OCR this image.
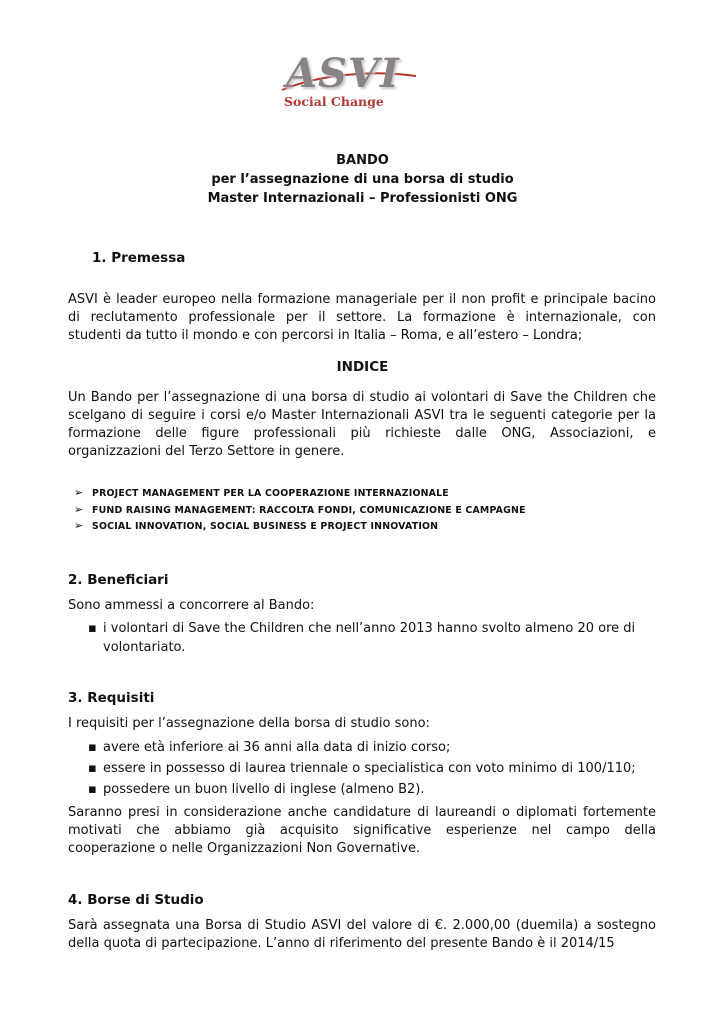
ASVI
Social Change
BANDO
per l’assegnazione di una borsa di studio
Master Internazionali – Professionisti ONG
1. Premessa
ASVI è leader europeo nella formazione manageriale per il non profit e principale bacino
di reclutamento professionale per il settore. La formazione è internazionale, con
studenti da tutto il mondo e con percorsi in Italia – Roma, e all’estero – Londra;
INDICE
Un Bando per l’assegnazione di una borsa di studio ai volontari di Save the Children che
scelgano di seguire i corsi e/o Master Internazionali ASVI tra le seguenti categorie per la
formazione delle figure professionali più richieste dalle ONG, Associazioni, e
organizzazioni del Terzo Settore in genere.
➢ PROJECT MANAGEMENT PER LA COOPERAZIONE INTERNAZIONALE
➢ FUND RAISING MANAGEMENT: RACCOLTA FONDI, COMUNICAZIONE E CAMPAGNE
➢ SOCIAL INNOVATION, SOCIAL BUSINESS E PROJECT INNOVATION
2. Beneficiari
Sono ammessi a concorrere al Bando:
▪ i volontari di Save the Children che nell’anno 2013 hanno svolto almeno 20 ore di
volontariato.
3. Requisiti
I requisiti per l’assegnazione della borsa di studio sono:
▪ avere età inferiore ai 36 anni alla data di inizio corso;
▪ essere in possesso di laurea triennale o specialistica con voto minimo di 100/110;
▪ possedere un buon livello di inglese (almeno B2).
Saranno presi in considerazione anche candidature di laureandi o diplomati fortemente
motivati che abbiamo già acquisito significative esperienze nel campo della
cooperazione o nelle Organizzazioni Non Governative.
4. Borse di Studio
Sarà assegnata una Borsa di Studio ASVI del valore di €. 2.000,00 (duemila) a sostegno
della quota di partecipazione. L’anno di riferimento del presente Bando è il 2014/15
